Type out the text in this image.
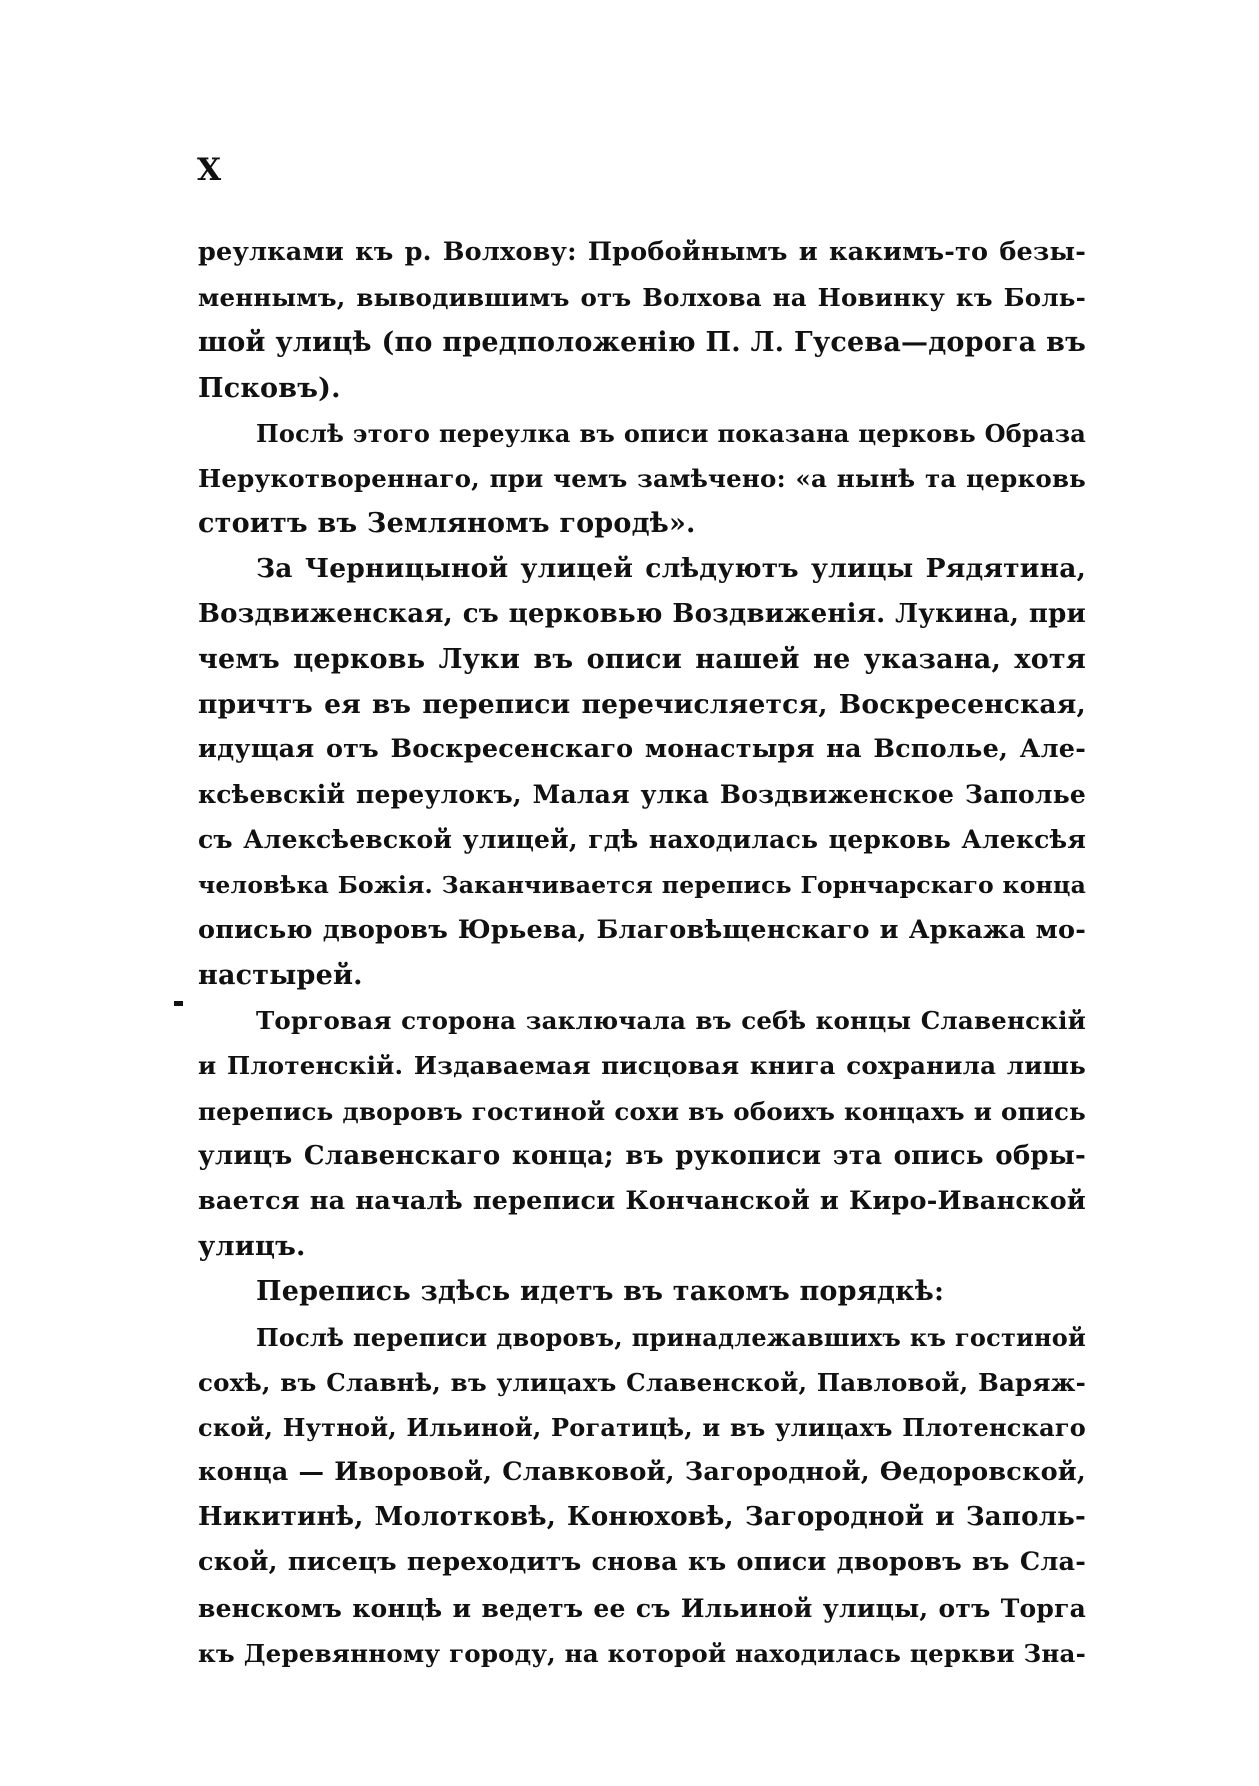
X
реулками къ р. Волхову: Пробойнымъ и какимъ-то безы-
меннымъ, выводившимъ отъ Волхова на Новинку къ Боль-
шой улицѣ (по предположенію П. Л. Гусева—дорога въ
Псковъ).
Послѣ этого переулка въ описи показана церковь Образа
Нерукотвореннаго, при чемъ замѣчено: «а нынѣ та церковь
стоитъ въ Земляномъ городѣ».
За Черницыной улицей слѣдуютъ улицы Рядятина,
Воздвиженская, съ церковью Воздвиженія. Лукина, при
чемъ церковь Луки въ описи нашей не указана, хотя
причтъ ея въ переписи перечисляется, Воскресенская,
идущая отъ Воскресенскаго монастыря на Всполье, Але-
ксѣевскій переулокъ, Малая улка Воздвиженское Заполье
съ Алексѣевской улицей, гдѣ находилась церковь Алексѣя
человѣка Божія. Заканчивается перепись Горнчарскаго конца
описью дворовъ Юрьева, Благовѣщенскаго и Аркажа мо-
настырей.
Торговая сторона заключала въ себѣ концы Славенскій
и Плотенскій. Издаваемая писцовая книга сохранила лишь
перепись дворовъ гостиной сохи въ обоихъ концахъ и опись
улицъ Славенскаго конца; въ рукописи эта опись обры-
вается на началѣ переписи Кончанской и Киро-Иванской
улицъ.
Перепись здѣсь идетъ въ такомъ порядкѣ:
Послѣ переписи дворовъ, принадлежавшихъ къ гостиной
сохѣ, въ Славнѣ, въ улицахъ Славенской, Павловой, Варяж-
ской, Нутной, Ильиной, Рогатицѣ, и въ улицахъ Плотенскаго
конца — Иворовой, Славковой, Загородной, Ѳедоровской,
Никитинѣ, Молотковѣ, Конюховѣ, Загородной и Заполь-
ской, писецъ переходитъ снова къ описи дворовъ въ Сла-
венскомъ концѣ и ведетъ ее съ Ильиной улицы, отъ Торга
къ Деревянному городу, на которой находилась церкви Зна-
